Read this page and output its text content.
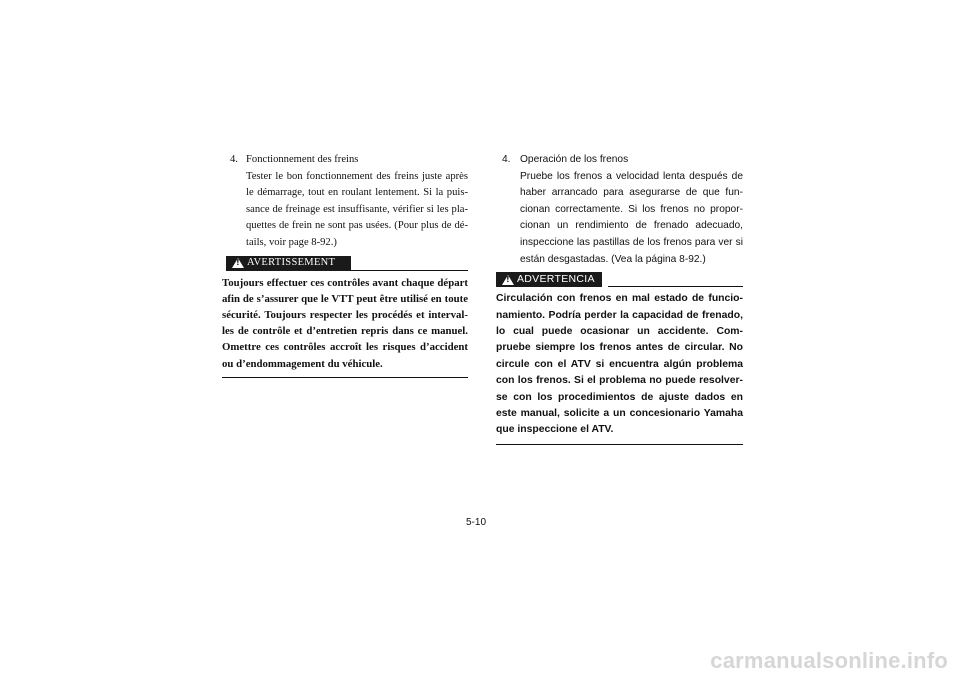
4. Fonctionnement des freins
Tester le bon fonctionnement des freins juste après le démarrage, tout en roulant lentement. Si la puissance de freinage est insuffisante, vérifier si les plaquettes de frein ne sont pas usées. (Pour plus de détails, voir page 8-92.)
!
AVERTISSEMENT
Toujours effectuer ces contrôles avant chaque départ afin de s’assurer que le VTT peut être utilisé en toute sécurité. Toujours respecter les procédés et intervalles de contrôle et d’entretien repris dans ce manuel. Omettre ces contrôles accroît les risques d’accident ou d’endommagement du véhicule.
4. Operación de los frenos
Pruebe los frenos a velocidad lenta después de haber arrancado para asegurarse de que funcionan correctamente. Si los frenos no proporcionan un rendimiento de frenado adecuado, inspeccione las pastillas de los frenos para ver si están desgastadas. (Vea la página 8-92.)
!
ADVERTENCIA
Circulación con frenos en mal estado de funcionamiento. Podría perder la capacidad de frenado, lo cual puede ocasionar un accidente. Compruebe siempre los frenos antes de circular. No circule con el ATV si encuentra algún problema con los frenos. Si el problema no puede resolverse con los procedimientos de ajuste dados en este manual, solicite a un concesionario Yamaha que inspeccione el ATV.
5-10
carmanualsonline.info
